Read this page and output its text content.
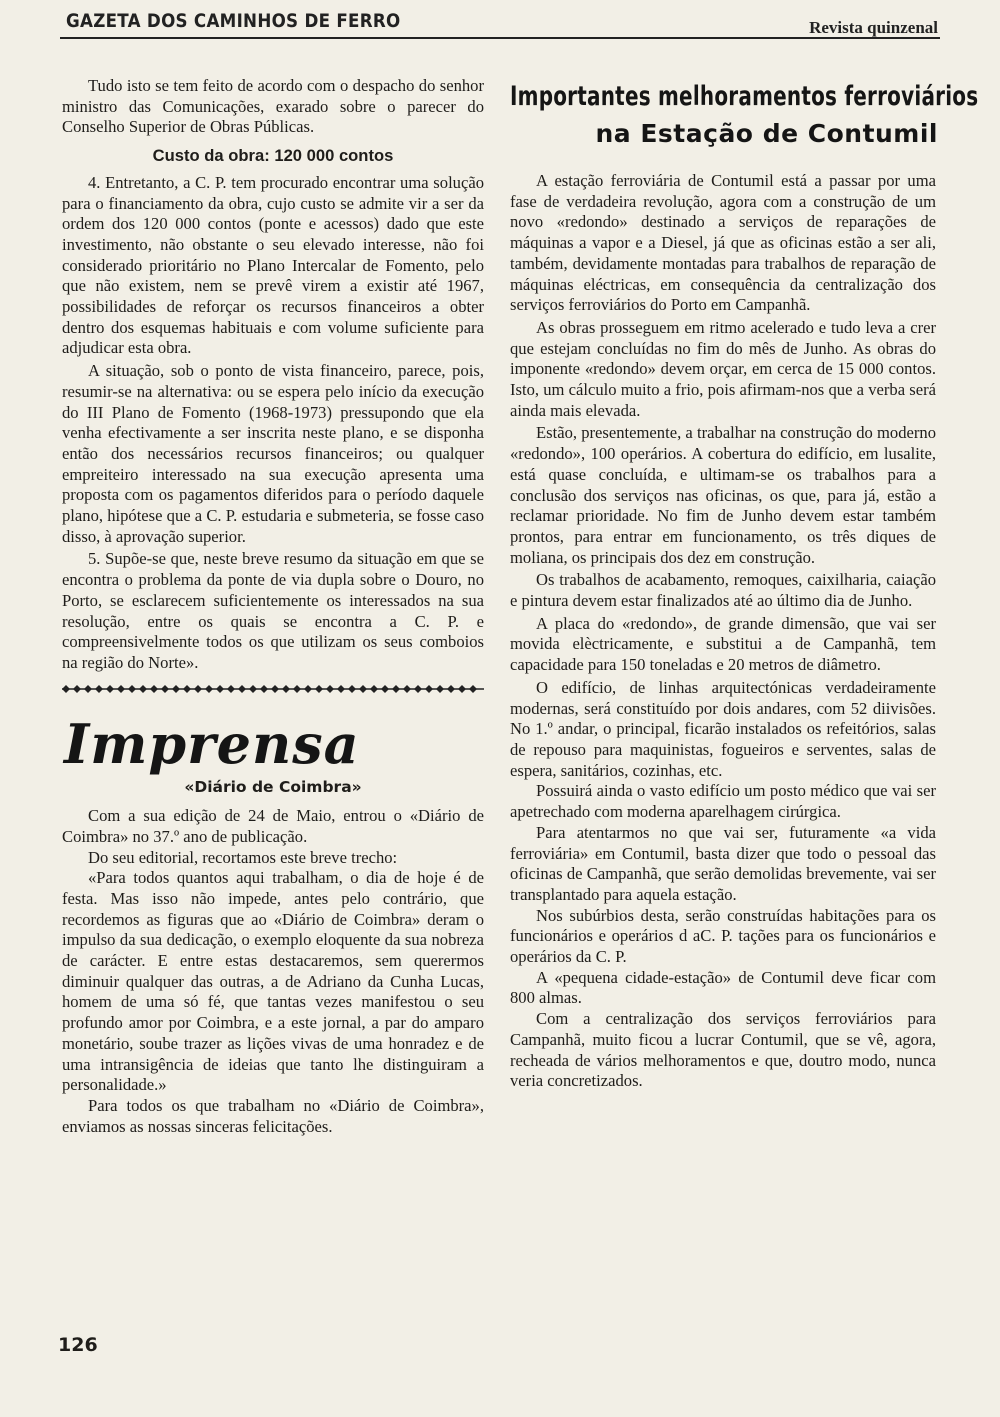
GAZETA DOS CAMINHOS DE FERRO	Revista quinzenal

Tudo isto se tem feito de acordo com o despacho do senhor ministro das Comunicações, exarado sobre o parecer do Conselho Superior de Obras Públicas.

Custo da obra: 120 000 contos

4. Entretanto, a C. P. tem procurado encontrar uma solução para o financiamento da obra, cujo custo se admite vir a ser da ordem dos 120 000 contos (ponte e acessos) dado que este investimento, não obstante o seu elevado interesse, não foi considerado prioritário no Plano Intercalar de Fomento, pelo que não existem, nem se prevê virem a existir até 1967, possibilidades de reforçar os recursos financeiros a obter dentro dos esquemas habituais e com volume suficiente para adjudicar esta obra.

A situação, sob o ponto de vista financeiro, parece, pois, resumir-se na alternativa: ou se espera pelo início da execução do III Plano de Fomento (1968-1973) pressupondo que ela venha efectivamente a ser inscrita neste plano, e se disponha então dos necessários recursos financeiros; ou qualquer empreiteiro interessado na sua execução apresenta uma proposta com os pagamentos diferidos para o período daquele plano, hipótese que a C. P. estudaria e submeteria, se fosse caso disso, à aprovação superior.

5. Supõe-se que, neste breve resumo da situação em que se encontra o problema da ponte de via dupla sobre o Douro, no Porto, se esclarecem suficientemente os interessados na sua resolução, entre os quais se encontra a C. P. e compreensivelmente todos os que utilizam os seus comboios na região do Norte».

Imprensa
«Diário de Coimbra»

Com a sua edição de 24 de Maio, entrou o «Diário de Coimbra» no 37.º ano de publicação.

Do seu editorial, recortamos este breve trecho:

«Para todos quantos aqui trabalham, o dia de hoje é de festa. Mas isso não impede, antes pelo contrário, que recordemos as figuras que ao «Diário de Coimbra» deram o impulso da sua dedicação, o exemplo eloquente da sua nobreza de carácter. E entre estas destacaremos, sem querermos diminuir qualquer das outras, a de Adriano da Cunha Lucas, homem de uma só fé, que tantas vezes manifestou o seu profundo amor por Coimbra, e a este jornal, a par do amparo monetário, soube trazer as lições vivas de uma honradez e de uma intransigência de ideias que tanto lhe distinguiram a personalidade.»

Para todos os que trabalham no «Diário de Coimbra», enviamos as nossas sinceras felicitações.

Importantes melhoramentos ferroviários
na Estação de Contumil

A estação ferroviária de Contumil está a passar por uma fase de verdadeira revolução, agora com a construção de um novo «redondo» destinado a serviços de reparações de máquinas a vapor e a Diesel, já que as oficinas estão a ser ali, também, devidamente montadas para trabalhos de reparação de máquinas eléctricas, em consequência da centralização dos serviços ferroviários do Porto em Campanhã.

As obras prosseguem em ritmo acelerado e tudo leva a crer que estejam concluídas no fim do mês de Junho. As obras do imponente «redondo» devem orçar, em cerca de 15 000 contos. Isto, um cálculo muito a frio, pois afirmam-nos que a verba será ainda mais elevada.

Estão, presentemente, a trabalhar na construção do moderno «redondo», 100 operários. A cobertura do edifício, em lusalite, está quase concluída, e ultimam-se os trabalhos para a conclusão dos serviços nas oficinas, os que, para já, estão a reclamar prioridade. No fim de Junho devem estar também prontos, para entrar em funcionamento, os três diques de moliana, os principais dos dez em construção.

Os trabalhos de acabamento, remoques, caixilharia, caiação e pintura devem estar finalizados até ao último dia de Junho.

A placa do «redondo», de grande dimensão, que vai ser movida elèctricamente, e substitui a de Campanhã, tem capacidade para 150 toneladas e 20 metros de diâmetro.

O edifício, de linhas arquitectónicas verdadeiramente modernas, será constituído por dois andares, com 52 diivisões. No 1.º andar, o principal, ficarão instalados os refeitórios, salas de repouso para maquinistas, fogueiros e serventes, salas de espera, sanitários, cozinhas, etc.

Possuirá ainda o vasto edifício um posto médico que vai ser apetrechado com moderna aparelhagem cirúrgica.

Para atentarmos no que vai ser, futuramente «a vida ferroviária» em Contumil, basta dizer que todo o pessoal das oficinas de Campanhã, que serão demolidas brevemente, vai ser transplantado para aquela estação.

Nos subúrbios desta, serão construídas habitações para os funcionários e operários d aC. P. tações para os funcionários e operários da C. P.

A «pequena cidade-estação» de Contumil deve ficar com 800 almas.

Com a centralização dos serviços ferroviários para Campanhã, muito ficou a lucrar Contumil, que se vê, agora, recheada de vários melhoramentos e que, doutro modo, nunca veria concretizados.

126
